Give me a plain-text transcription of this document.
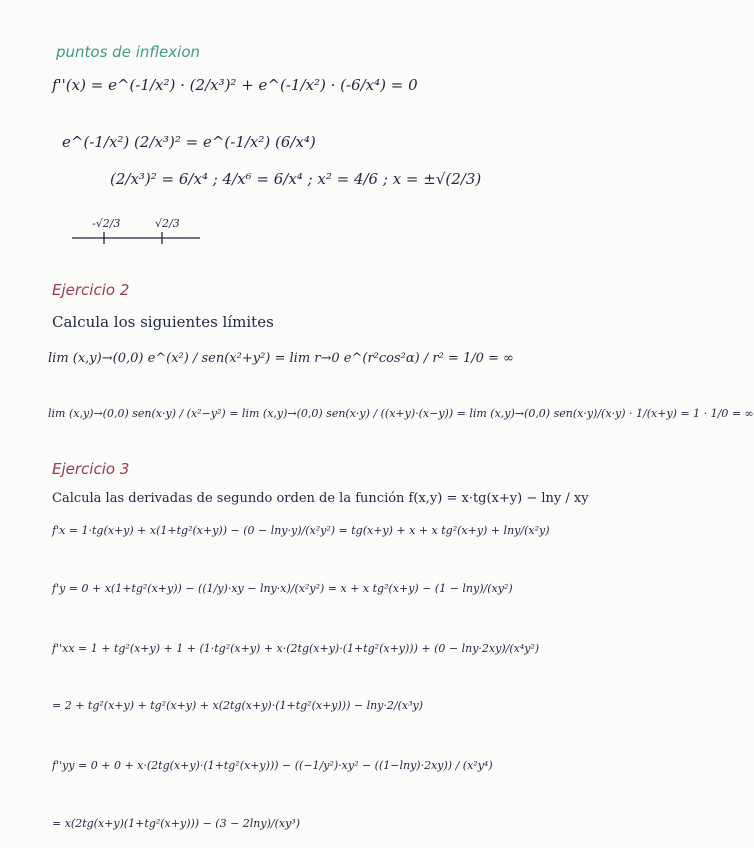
puntos de inflexion
f''(x) = e^(-1/x²) · (2/x³)² + e^(-1/x²) · (-6/x⁴) = 0
e^(-1/x²) (2/x³)² = e^(-1/x²) (6/x⁴)
(2/x³)² = 6/x⁴ ; 4/x⁶ = 6/x⁴ ; x² = 4/6 ; x = ±√(2/3)
-√2/3	√2/3
Ejercicio 2
Calcula los siguientes límites
lim (x,y)→(0,0) e^(x²) / sen(x²+y²) = lim r→0 e^(r²cos²α) / r² = 1/0 = ∞
lim (x,y)→(0,0) sen(x·y) / (x²−y²) = lim (x,y)→(0,0) sen(x·y) / ((x+y)·(x−y)) = lim (x,y)→(0,0) sen(x·y)/(x·y) · 1/(x+y) = 1 · 1/0 = ∞
Ejercicio 3
Calcula las derivadas de segundo orden de la función f(x,y) = x·tg(x+y) − lny / xy
f'x = 1·tg(x+y) + x(1+tg²(x+y)) − (0 − lny·y)/(x²y²) = tg(x+y) + x + x tg²(x+y) + lny/(x²y)
f'y = 0 + x(1+tg²(x+y)) − ((1/y)·xy − lny·x)/(x²y²) = x + x tg²(x+y) − (1 − lny)/(xy²)
f''xx = 1 + tg²(x+y) + 1 + (1·tg²(x+y) + x·(2tg(x+y)·(1+tg²(x+y))) + (0 − lny·2xy)/(x⁴y²)
= 2 + tg²(x+y) + tg²(x+y) + x(2tg(x+y)·(1+tg²(x+y))) − lny·2/(x³y)
f''yy = 0 + 0 + x·(2tg(x+y)·(1+tg²(x+y))) − ((−1/y²)·xy² − ((1−lny)·2xy)) / (x²y⁴)
= x(2tg(x+y)(1+tg²(x+y))) − (3 − 2lny)/(xy³)
